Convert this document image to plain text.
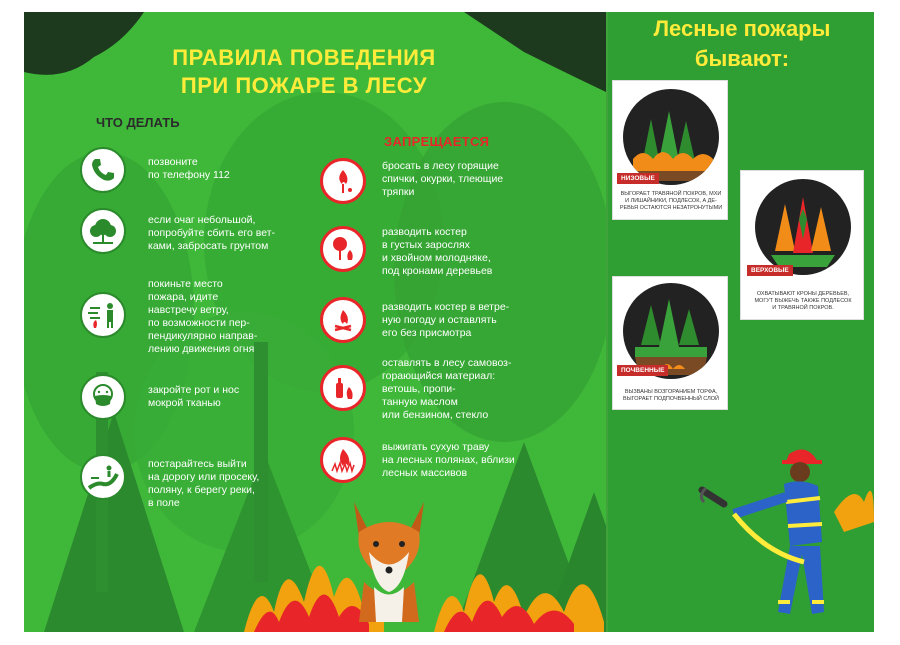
ПРАВИЛА ПОВЕДЕНИЯ
ПРИ ПОЖАРЕ В ЛЕСУ
ЧТО ДЕЛАТЬ
ЗАПРЕЩАЕТСЯ
позвоните
по телефону 112
если очаг небольшой,
попробуйте сбить его вет-
ками, забросать грунтом
покиньте место
пожара, идите
навстречу ветру,
по возможности пер-
пендикулярно направ-
лению движения огня
закройте рот и нос
мокрой тканью
постарайтесь выйти
на дорогу или просеку,
поляну, к берегу реки,
в поле
бросать в лесу горящие
спички, окурки, тлеющие
тряпки
разводить костер
в густых зарослях
и хвойном молодняке,
под кронами деревьев
разводить костер в ветре-
ную погоду и оставлять
его без присмотра
оставлять в лесу самовоз-
горающийся материал:
ветошь, пропи-
танную маслом
или бензином, стекло
выжигать сухую траву
на лесных полянах, вблизи
лесных массивов
Лесные пожары
бывают:
НИЗОВЫЕ
ВЫГОРАЕТ ТРАВЯНОЙ ПОКРОВ, МХИ
И ЛИШАЙНИКИ, ПОДЛЕСОК, А ДЕ-
РЕВЬЯ ОСТАЮТСЯ НЕЗАТРОНУТЫМИ
ВЕРХОВЫЕ
ОХВАТЫВАЮТ КРОНЫ ДЕРЕВЬЕВ,
МОГУТ ВЫЖЕЧЬ ТАКЖЕ ПОДЛЕСОК
И ТРАВЯНОЙ ПОКРОВ.
ПОЧВЕННЫЕ
ВЫЗВАНЫ ВОЗГОРАНИЕМ ТОРФА,
ВЫГОРАЕТ ПОДПОЧВЕННЫЙ СЛОЙ
